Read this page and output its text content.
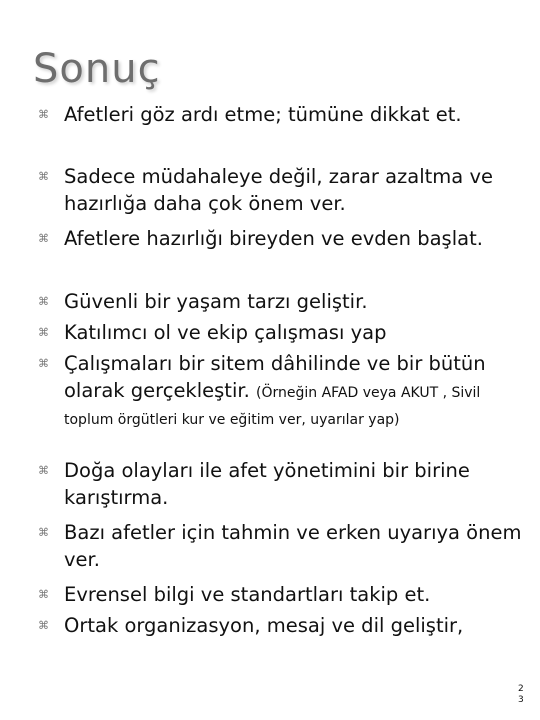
Sonuç
⌘ Afetleri göz ardı etme; tümüne dikkat et.
⌘ Sadece müdahaleye değil, zarar azaltma ve hazırlığa daha çok önem ver.
⌘ Afetlere hazırlığı bireyden ve evden başlat.
⌘ Güvenli bir yaşam tarzı geliştir.
⌘ Katılımcı ol ve ekip çalışması yap
⌘ Çalışmaları bir sitem dâhilinde ve bir bütün olarak gerçekleştir. (Örneğin AFAD veya AKUT , Sivil toplum örgütleri kur ve eğitim ver, uyarılar yap)
⌘ Doğa olayları ile afet yönetimini bir birine karıştırma.
⌘ Bazı afetler için tahmin ve erken uyarıya önem ver.
⌘ Evrensel bilgi ve standartları takip et.
⌘ Ortak organizasyon, mesaj ve dil geliştir,
23
